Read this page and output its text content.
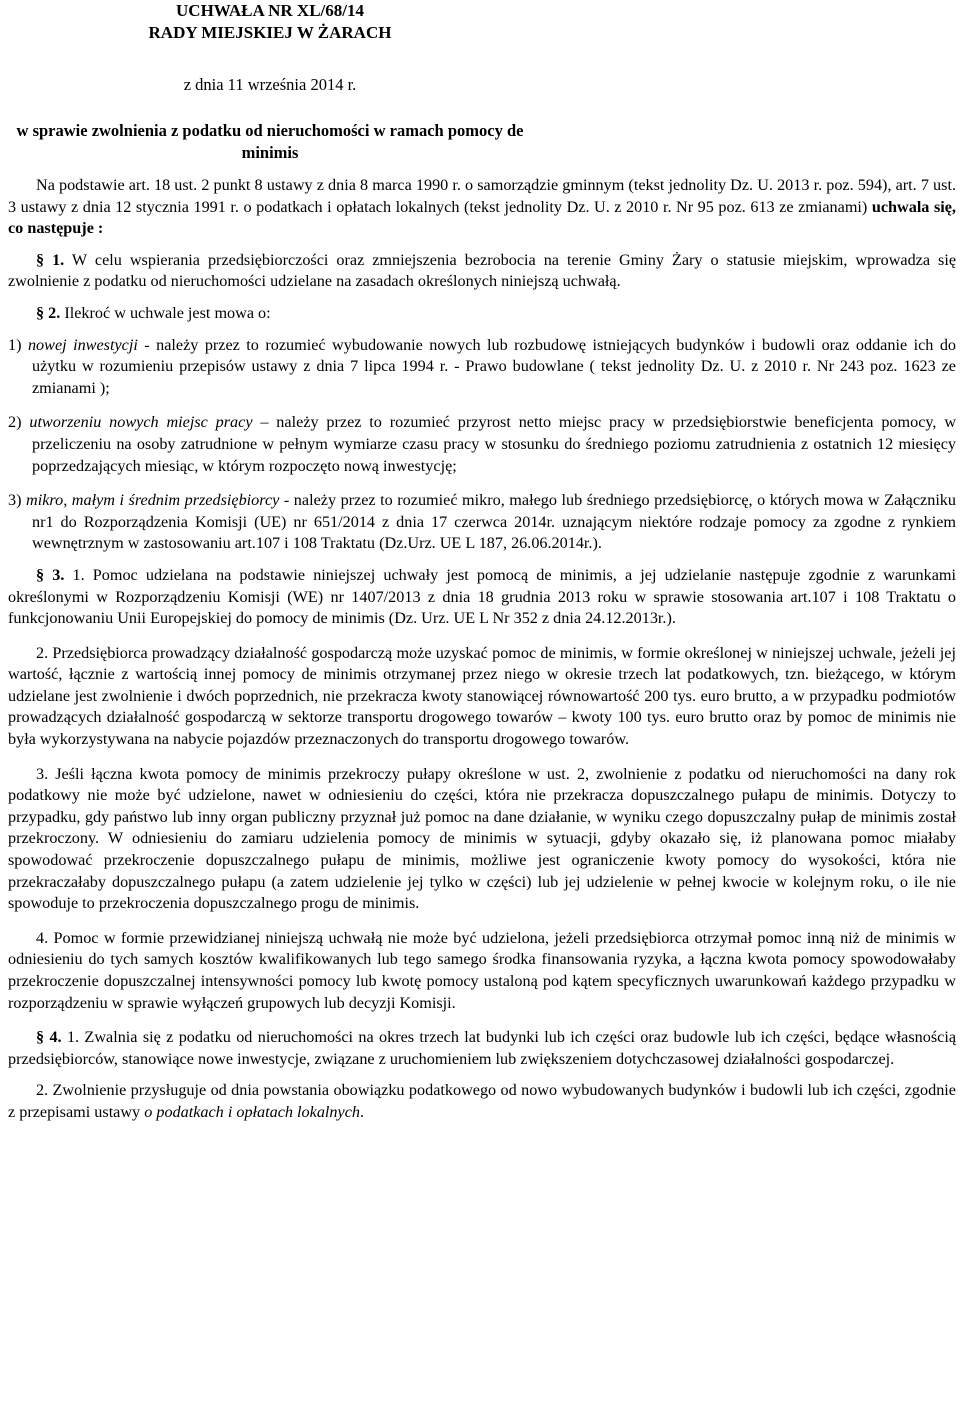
UCHWAŁA NR XL/68/14
RADY MIEJSKIEJ W ŻARACH
z dnia 11 września 2014 r.
w sprawie zwolnienia z podatku od nieruchomości w ramach pomocy de minimis

Na podstawie art. 18 ust. 2 punkt 8 ustawy z dnia 8 marca 1990 r. o samorządzie gminnym (tekst jednolity Dz. U. 2013 r. poz. 594), art. 7 ust. 3 ustawy z dnia 12 stycznia 1991 r. o podatkach i opłatach lokalnych (tekst jednolity Dz. U. z 2010 r. Nr 95 poz. 613 ze zmianami) uchwala się, co następuje :

§ 1. W celu wspierania przedsiębiorczości oraz zmniejszenia bezrobocia na terenie Gminy Żary o statusie miejskim, wprowadza się zwolnienie z podatku od nieruchomości udzielane na zasadach określonych niniejszą uchwałą.

§ 2. Ilekroć w uchwale jest mowa o:

1) nowej inwestycji - należy przez to rozumieć wybudowanie nowych lub rozbudowę istniejących budynków i budowli oraz oddanie ich do użytku w rozumieniu przepisów ustawy z dnia 7 lipca 1994 r. - Prawo budowlane ( tekst jednolity Dz. U. z 2010 r. Nr 243 poz. 1623 ze zmianami );

2) utworzeniu nowych miejsc pracy – należy przez to rozumieć przyrost netto miejsc pracy w przedsiębiorstwie beneficjenta pomocy, w przeliczeniu na osoby zatrudnione w pełnym wymiarze czasu pracy w stosunku do średniego poziomu zatrudnienia z ostatnich 12 miesięcy poprzedzających miesiąc, w którym rozpoczęto nową inwestycję;

3) mikro, małym i średnim przedsiębiorcy - należy przez to rozumieć mikro, małego lub średniego przedsiębiorcę, o których mowa w Załączniku nr1 do Rozporządzenia Komisji (UE) nr 651/2014 z dnia 17 czerwca 2014r. uznającym niektóre rodzaje pomocy za zgodne z rynkiem wewnętrznym w zastosowaniu art.107 i 108 Traktatu (Dz.Urz. UE L 187, 26.06.2014r.).

§ 3. 1. Pomoc udzielana na podstawie niniejszej uchwały jest pomocą de minimis, a jej udzielanie następuje zgodnie z warunkami określonymi w Rozporządzeniu Komisji (WE) nr 1407/2013 z dnia 18 grudnia 2013 roku w sprawie stosowania art.107 i 108 Traktatu o funkcjonowaniu Unii Europejskiej do pomocy de minimis (Dz. Urz. UE L Nr 352 z dnia 24.12.2013r.).

2. Przedsiębiorca prowadzący działalność gospodarczą może uzyskać pomoc de minimis, w formie określonej w niniejszej uchwale, jeżeli jej wartość, łącznie z wartością innej pomocy de minimis otrzymanej przez niego w okresie trzech lat podatkowych, tzn. bieżącego, w którym udzielane jest zwolnienie i dwóch poprzednich, nie przekracza kwoty stanowiącej równowartość 200 tys. euro brutto, a w przypadku podmiotów prowadzących działalność gospodarczą w sektorze transportu drogowego towarów – kwoty 100 tys. euro brutto oraz by pomoc de minimis nie była wykorzystywana na nabycie pojazdów przeznaczonych do transportu drogowego towarów.

3. Jeśli łączna kwota pomocy de minimis przekroczy pułapy określone w ust. 2, zwolnienie z podatku od nieruchomości na dany rok podatkowy nie może być udzielone, nawet w odniesieniu do części, która nie przekracza dopuszczalnego pułapu de minimis. Dotyczy to przypadku, gdy państwo lub inny organ publiczny przyznał już pomoc na dane działanie, w wyniku czego dopuszczalny pułap de minimis został przekroczony. W odniesieniu do zamiaru udzielenia pomocy de minimis w sytuacji, gdyby okazało się, iż planowana pomoc miałaby spowodować przekroczenie dopuszczalnego pułapu de minimis, możliwe jest ograniczenie kwoty pomocy do wysokości, która nie przekraczałaby dopuszczalnego pułapu (a zatem udzielenie jej tylko w części) lub jej udzielenie w pełnej kwocie w kolejnym roku, o ile nie spowoduje to przekroczenia dopuszczalnego progu de minimis.

4. Pomoc w formie przewidzianej niniejszą uchwałą nie może być udzielona, jeżeli przedsiębiorca otrzymał pomoc inną niż de minimis w odniesieniu do tych samych kosztów kwalifikowanych lub tego samego środka finansowania ryzyka, a łączna kwota pomocy spowodowałaby przekroczenie dopuszczalnej intensywności pomocy lub kwotę pomocy ustaloną pod kątem specyficznych uwarunkowań każdego przypadku w rozporządzeniu w sprawie wyłączeń grupowych lub decyzji Komisji.

§ 4. 1. Zwalnia się z podatku od nieruchomości na okres trzech lat budynki lub ich części oraz budowle lub ich części, będące własnością przedsiębiorców, stanowiące nowe inwestycje, związane z uruchomieniem lub zwiększeniem dotychczasowej działalności gospodarczej.

2. Zwolnienie przysługuje od dnia powstania obowiązku podatkowego od nowo wybudowanych budynków i budowli lub ich części, zgodnie z przepisami ustawy o podatkach i opłatach lokalnych.
